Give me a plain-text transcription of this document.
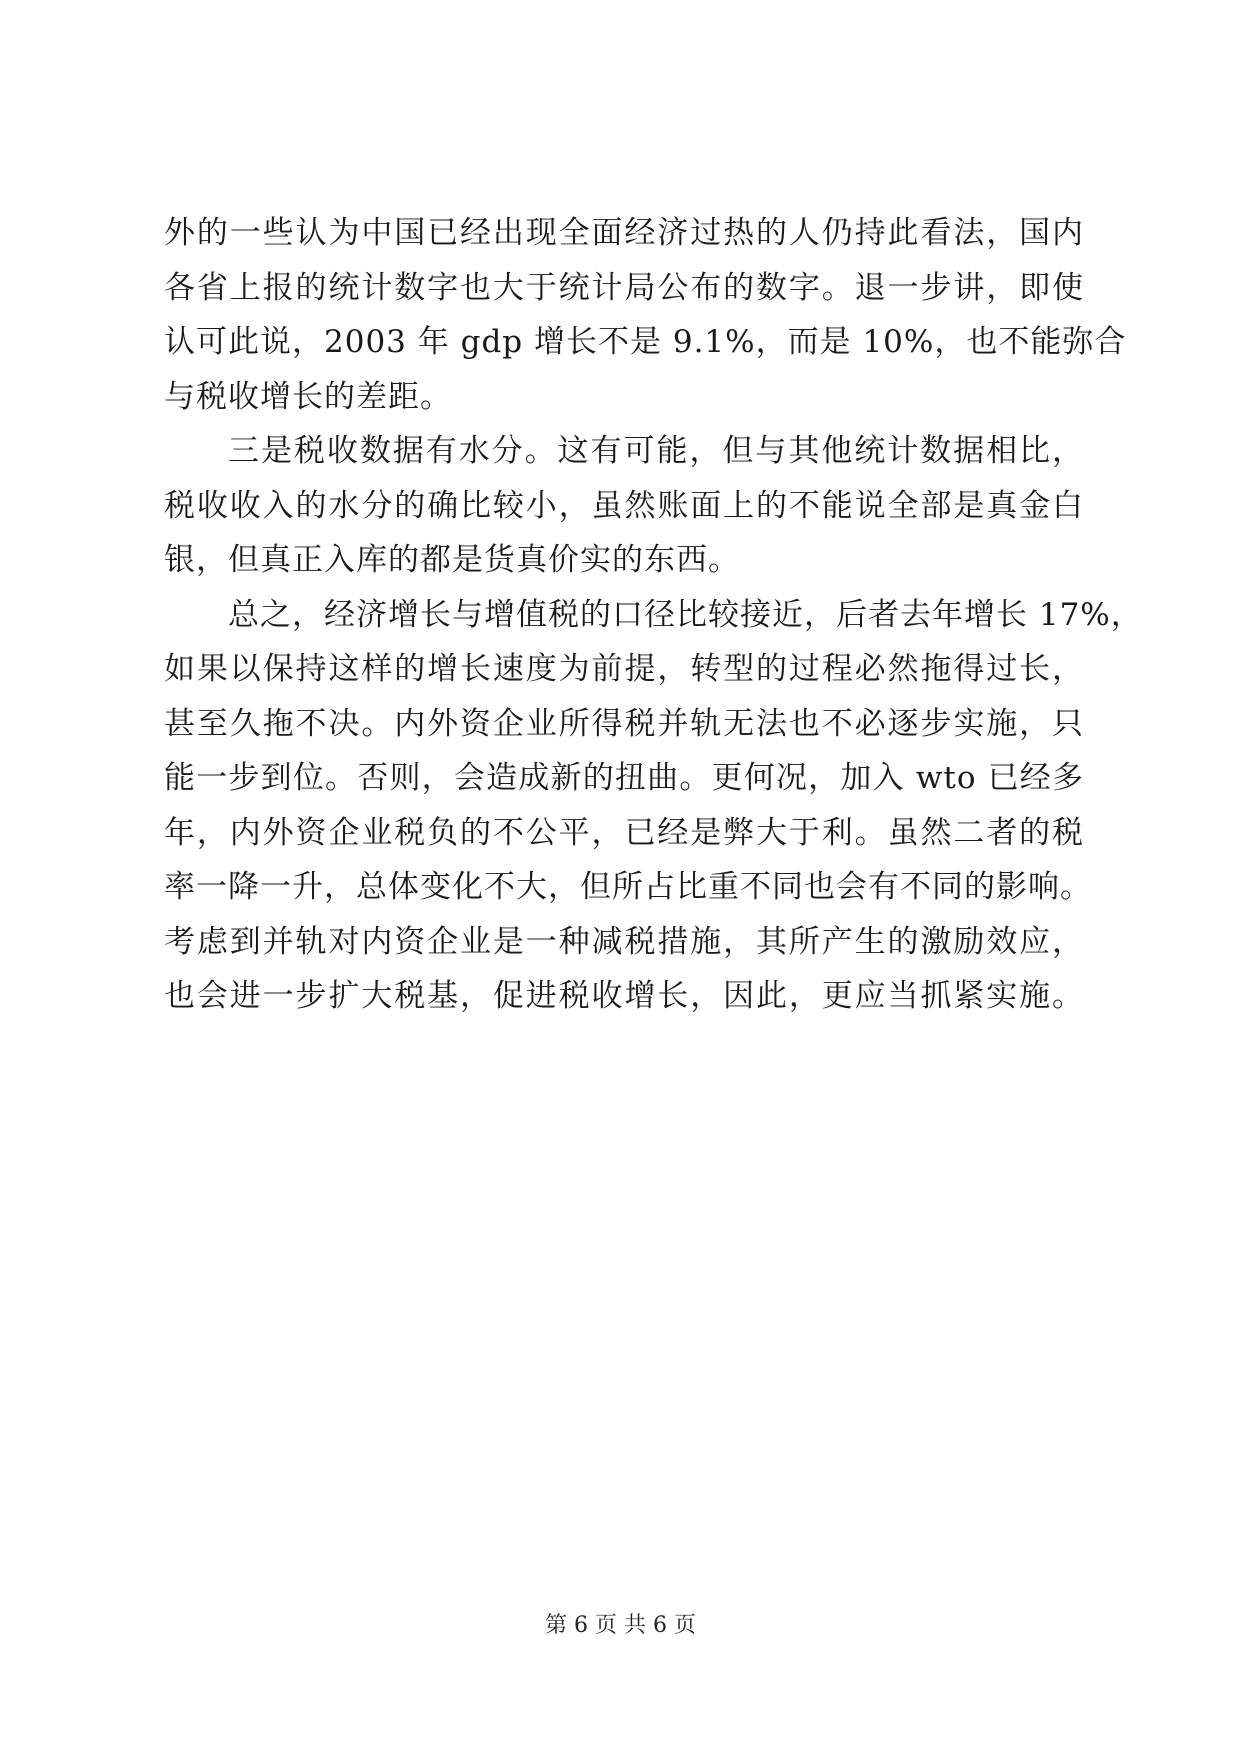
外的一些认为中国已经出现全面经济过热的人仍持此看法，国内
各省上报的统计数字也大于统计局公布的数字。退一步讲，即使
认可此说，2003 年 gdp 增长不是 9.1%，而是 10%，也不能弥合
与税收增长的差距。
三是税收数据有水分。这有可能，但与其他统计数据相比，
税收收入的水分的确比较小，虽然账面上的不能说全部是真金白
银，但真正入库的都是货真价实的东西。
总之，经济增长与增值税的口径比较接近，后者去年增长 17%，
如果以保持这样的增长速度为前提，转型的过程必然拖得过长，
甚至久拖不决。内外资企业所得税并轨无法也不必逐步实施，只
能一步到位。否则，会造成新的扭曲。更何况，加入 wto 已经多
年，内外资企业税负的不公平，已经是弊大于利。虽然二者的税
率一降一升，总体变化不大，但所占比重不同也会有不同的影响。
考虑到并轨对内资企业是一种减税措施，其所产生的激励效应，
也会进一步扩大税基，促进税收增长，因此，更应当抓紧实施。
第 6 页 共 6 页
